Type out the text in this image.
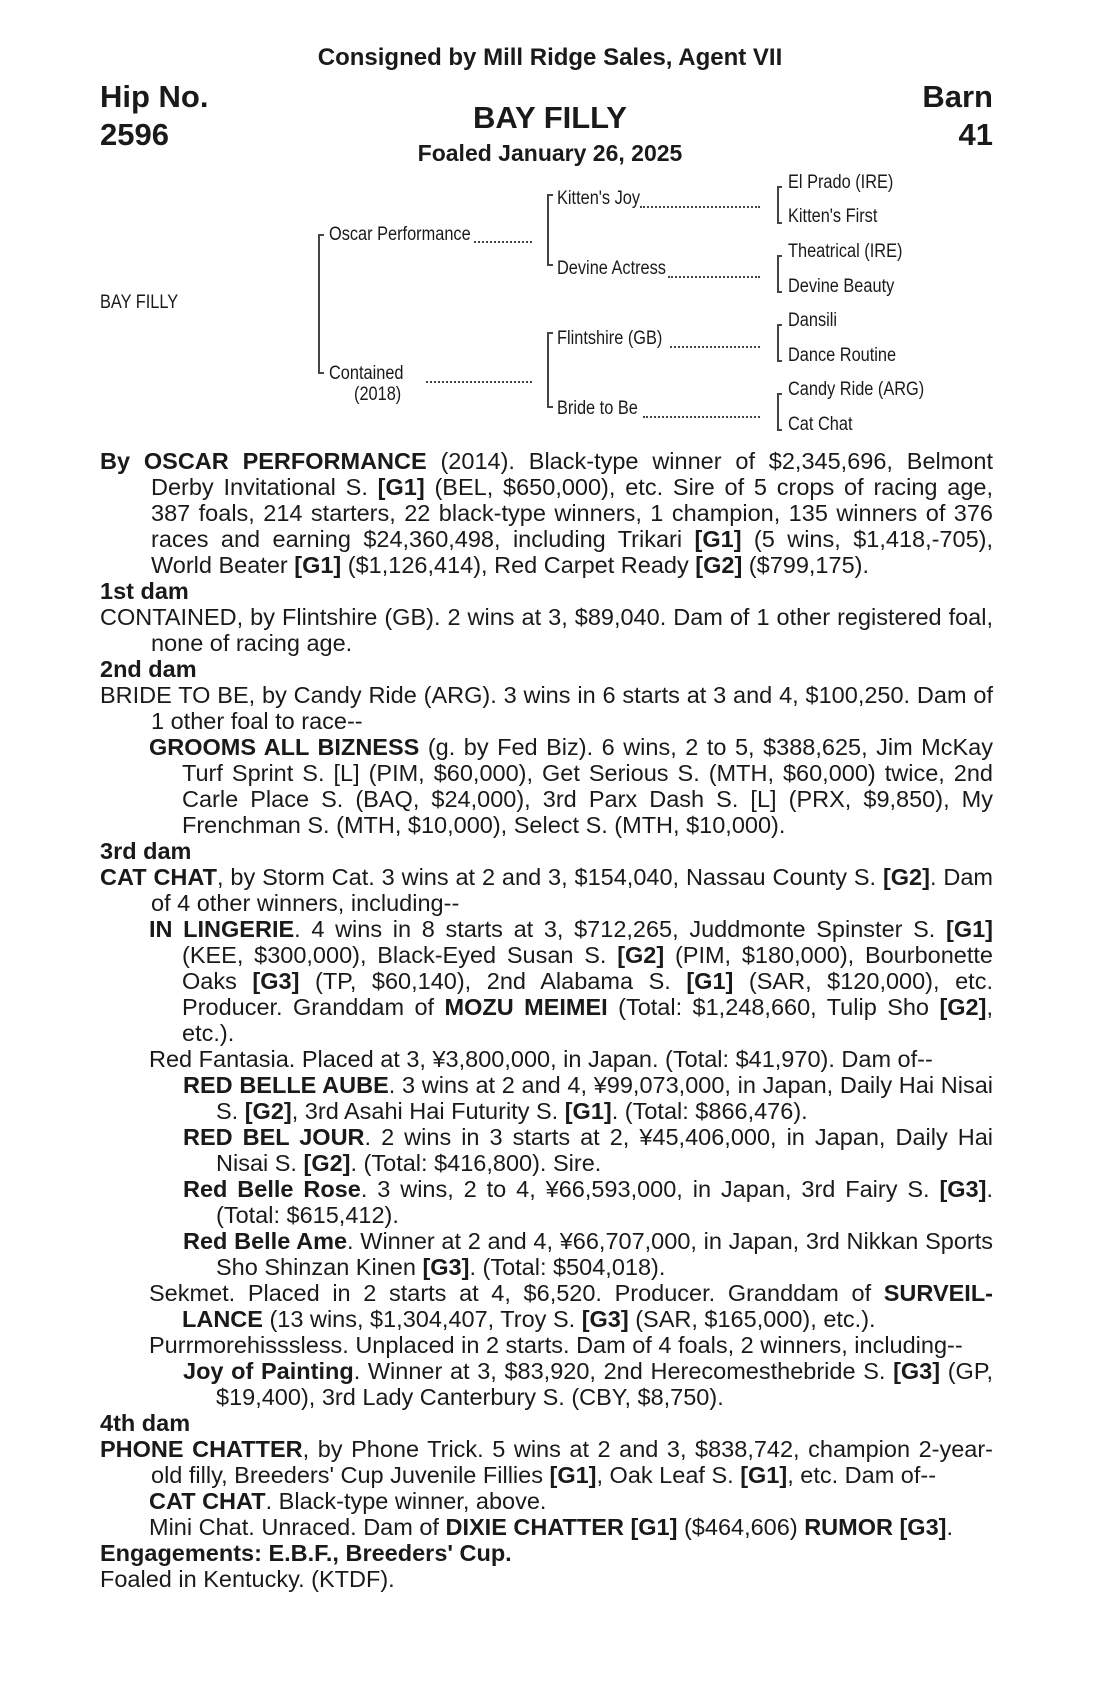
Consigned by Mill Ridge Sales, Agent VII
Hip No.
2596
Barn
41
BAY FILLY
Foaled January 26, 2025
BAY FILLY
Oscar Performance
Contained
(2018)
Kitten's Joy
Devine Actress
Flintshire (GB)
Bride to Be
El Prado (IRE)
Kitten's First
Theatrical (IRE)
Devine Beauty
Dansili
Dance Routine
Candy Ride (ARG)
Cat Chat
By OSCAR PERFORMANCE (2014). Black-type winner of $2,345,696, Belmont Derby Invitational S. [G1] (BEL, $650,000), etc. Sire of 5 crops of racing age, 387 foals, 214 starters, 22 black-type winners, 1 champion, 135 winners of 376 races and earning $24,360,498, including Trikari [G1] (5 wins, $1,418,-705), World Beater [G1] ($1,126,414), Red Carpet Ready [G2] ($799,175).
1st dam
CONTAINED, by Flintshire (GB). 2 wins at 3, $89,040. Dam of 1 other registered foal, none of racing age.
2nd dam
BRIDE TO BE, by Candy Ride (ARG). 3 wins in 6 starts at 3 and 4, $100,250. Dam of 1 other foal to race--
GROOMS ALL BIZNESS (g. by Fed Biz). 6 wins, 2 to 5, $388,625, Jim McKay Turf Sprint S. [L] (PIM, $60,000), Get Serious S. (MTH, $60,000) twice, 2nd Carle Place S. (BAQ, $24,000), 3rd Parx Dash S. [L] (PRX, $9,850), My Frenchman S. (MTH, $10,000), Select S. (MTH, $10,000).
3rd dam
CAT CHAT, by Storm Cat. 3 wins at 2 and 3, $154,040, Nassau County S. [G2]. Dam of 4 other winners, including--
IN LINGERIE. 4 wins in 8 starts at 3, $712,265, Juddmonte Spinster S. [G1] (KEE, $300,000), Black-Eyed Susan S. [G2] (PIM, $180,000), Bourbonette Oaks [G3] (TP, $60,140), 2nd Alabama S. [G1] (SAR, $120,000), etc. Producer. Granddam of MOZU MEIMEI (Total: $1,248,660, Tulip Sho [G2], etc.).
Red Fantasia. Placed at 3, ¥3,800,000, in Japan. (Total: $41,970). Dam of--
RED BELLE AUBE. 3 wins at 2 and 4, ¥99,073,000, in Japan, Daily Hai Nisai S. [G2], 3rd Asahi Hai Futurity S. [G1]. (Total: $866,476).
RED BEL JOUR. 2 wins in 3 starts at 2, ¥45,406,000, in Japan, Daily Hai Nisai S. [G2]. (Total: $416,800). Sire.
Red Belle Rose. 3 wins, 2 to 4, ¥66,593,000, in Japan, 3rd Fairy S. [G3]. (Total: $615,412).
Red Belle Ame. Winner at 2 and 4, ¥66,707,000, in Japan, 3rd Nikkan Sports Sho Shinzan Kinen [G3]. (Total: $504,018).
Sekmet. Placed in 2 starts at 4, $6,520. Producer. Granddam of SURVEIL-LANCE (13 wins, $1,304,407, Troy S. [G3] (SAR, $165,000), etc.).
Purrmorehisssless. Unplaced in 2 starts. Dam of 4 foals, 2 winners, including--
Joy of Painting. Winner at 3, $83,920, 2nd Herecomesthebride S. [G3] (GP, $19,400), 3rd Lady Canterbury S. (CBY, $8,750).
4th dam
PHONE CHATTER, by Phone Trick. 5 wins at 2 and 3, $838,742, champion 2-year-old filly, Breeders' Cup Juvenile Fillies [G1], Oak Leaf S. [G1], etc. Dam of--
CAT CHAT. Black-type winner, above.
Mini Chat. Unraced. Dam of DIXIE CHATTER [G1] ($464,606) RUMOR [G3].
Engagements: E.B.F., Breeders' Cup.
Foaled in Kentucky. (KTDF).
